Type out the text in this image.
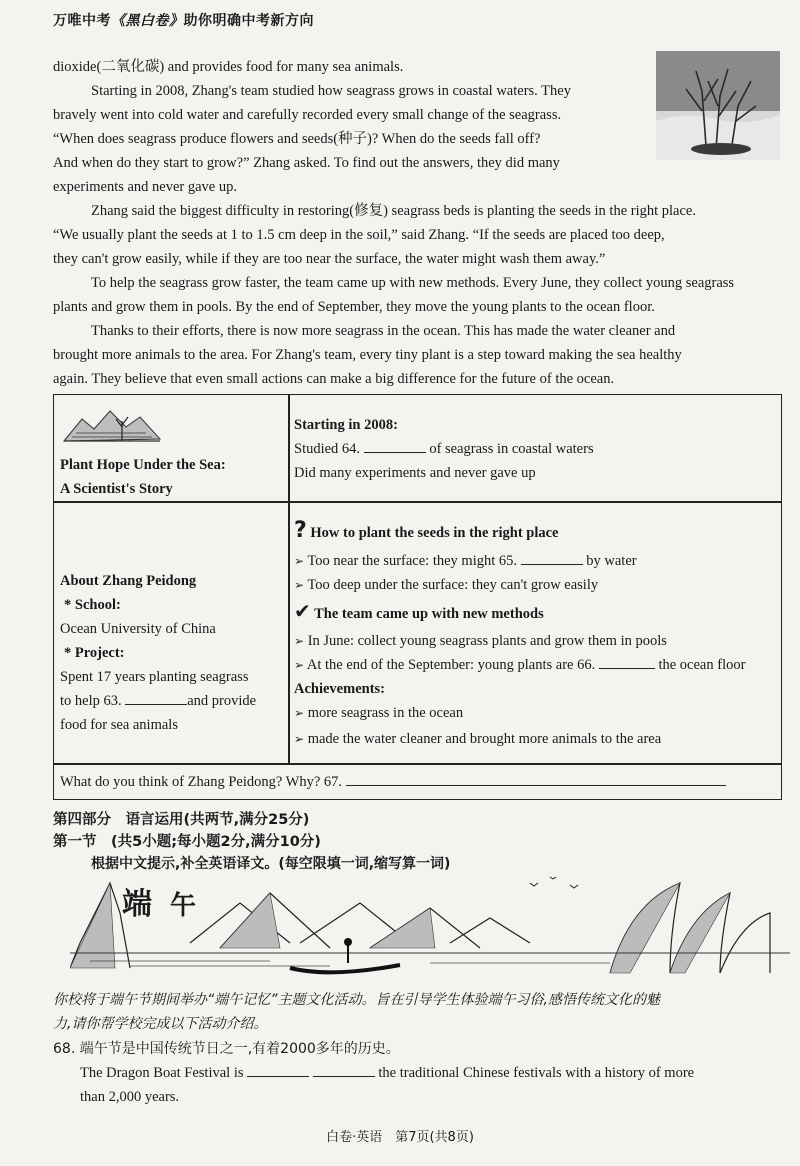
万唯中考《黑白卷》助你明确中考新方向
dioxide(二氧化碳) and provides food for many sea animals.
Starting in 2008, Zhang's team studied how seagrass grows in coastal waters. They
bravely went into cold water and carefully recorded every small change of the seagrass.
“When does seagrass produce flowers and seeds(种子)? When do the seeds fall off?
And when do they start to grow?” Zhang asked. To find out the answers, they did many
experiments and never gave up.
Zhang said the biggest difficulty in restoring(修复) seagrass beds is planting the seeds in the right place.
“We usually plant the seeds at 1 to 1.5 cm deep in the soil,” said Zhang. “If the seeds are placed too deep,
they can't grow easily, while if they are too near the surface, the water might wash them away.”
To help the seagrass grow faster, the team came up with new methods. Every June, they collect young seagrass
plants and grow them in pools. By the end of September, they move the young plants to the ocean floor.
Thanks to their efforts, there is now more seagrass in the ocean. This has made the water cleaner and
brought more animals to the area. For Zhang's team, every tiny plant is a step toward making the sea healthy
again. They believe that even small actions can make a big difference for the future of the ocean.
Plant Hope Under the Sea:
A Scientist's Story
Starting in 2008:
Studied 64.	of seagrass in coastal waters
Did many experiments and never gave up
About Zhang Peidong
* School:
Ocean University of China
* Project:
Spent 17 years planting seagrass
to help 63.	and provide
food for sea animals
? How to plant the seeds in the right place
➢ Too near the surface: they might 65.	by water
➢ Too deep under the surface: they can't grow easily
✔ The team came up with new methods
➢ In June: collect young seagrass plants and grow them in pools
➢ At the end of the September: young plants are 66.	the ocean floor
Achievements:
➢ more seagrass in the ocean
➢ made the water cleaner and brought more animals to the area
What do you think of Zhang Peidong? Why? 67.
第四部分　语言运用(共两节,满分25分)
第一节　(共5小题;每小题2分,满分10分)
根据中文提示,补全英语译文。(每空限填一词,缩写算一词)
端 午
你校将于端午节期间举办“端午记忆”主题文化活动。旨在引导学生体验端午习俗,感悟传统文化的魅
力,请你帮学校完成以下活动介绍。
68. 端午节是中国传统节日之一,有着2000多年的历史。
The Dragon Boat Festival is	the traditional Chinese festivals with a history of more
than 2,000 years.
白卷·英语　第7页(共8页)
